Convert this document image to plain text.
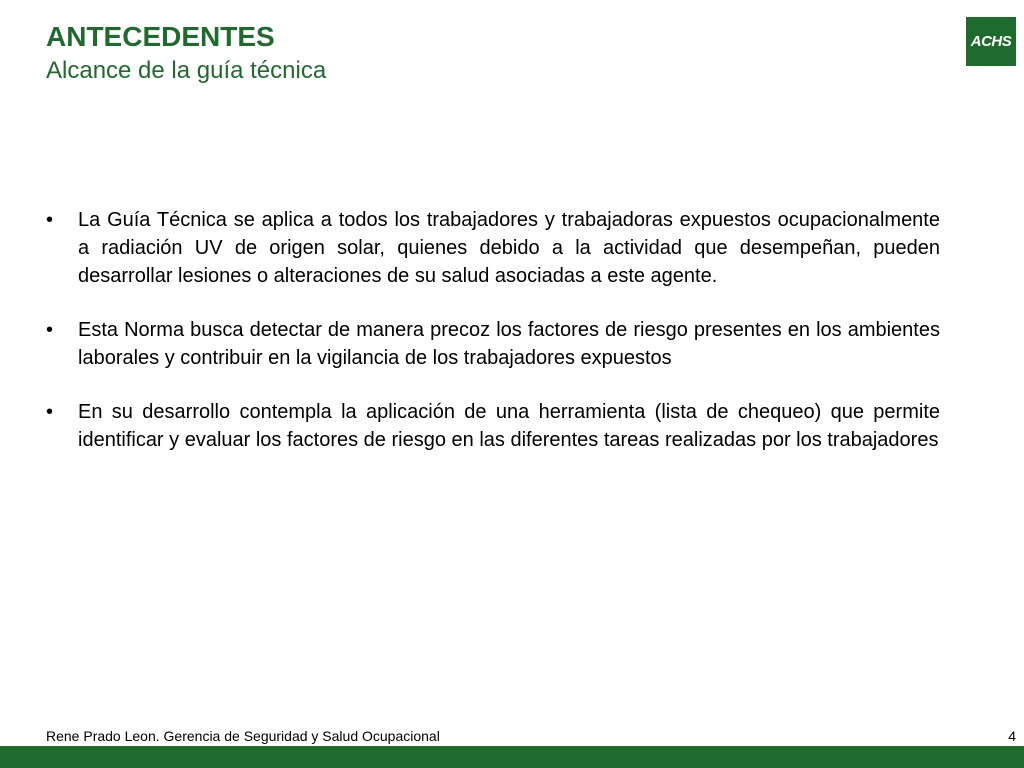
ANTECEDENTES
Alcance de la guía técnica
ACHS
•	La Guía Técnica se aplica a todos los trabajadores y trabajadoras expuestos ocupacionalmente a radiación UV de origen solar, quienes debido a la actividad que desempeñan, pueden desarrollar lesiones o alteraciones de su salud asociadas a este agente.
•	Esta Norma busca detectar de manera precoz los factores de riesgo presentes en los ambientes laborales y contribuir en la vigilancia de los trabajadores expuestos
•	En su desarrollo contempla la aplicación de una herramienta (lista de chequeo) que permite identificar y evaluar los factores de riesgo en las diferentes tareas realizadas por los trabajadores
Rene Prado Leon. Gerencia de Seguridad y Salud Ocupacional	4
